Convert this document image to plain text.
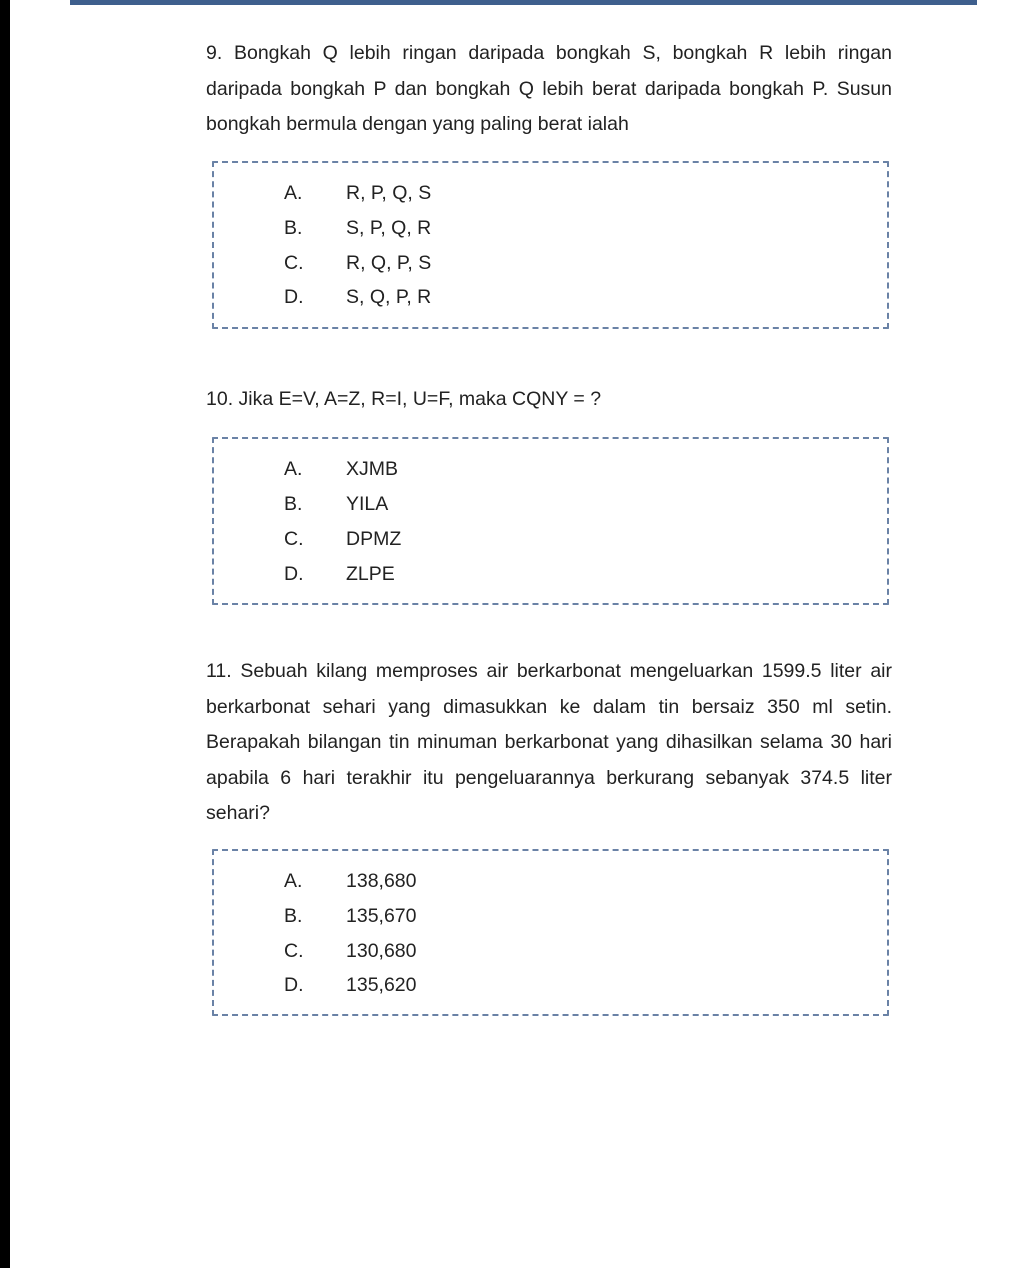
9. Bongkah Q lebih ringan daripada bongkah S, bongkah R lebih ringan daripada bongkah P dan bongkah Q lebih berat daripada bongkah P. Susun bongkah bermula dengan yang paling berat ialah

A. R, P, Q, S
B. S, P, Q, R
C. R, Q, P, S
D. S, Q, P, R

10. Jika E=V, A=Z, R=I, U=F, maka CQNY = ?

A. XJMB
B. YILA
C. DPMZ
D. ZLPE

11. Sebuah kilang memproses air berkarbonat mengeluarkan 1599.5 liter air berkarbonat sehari yang dimasukkan ke dalam tin bersaiz 350 ml setin. Berapakah bilangan tin minuman berkarbonat yang dihasilkan selama 30 hari apabila 6 hari terakhir itu pengeluarannya berkurang sebanyak 374.5 liter sehari?

A. 138,680
B. 135,670
C. 130,680
D. 135,620
